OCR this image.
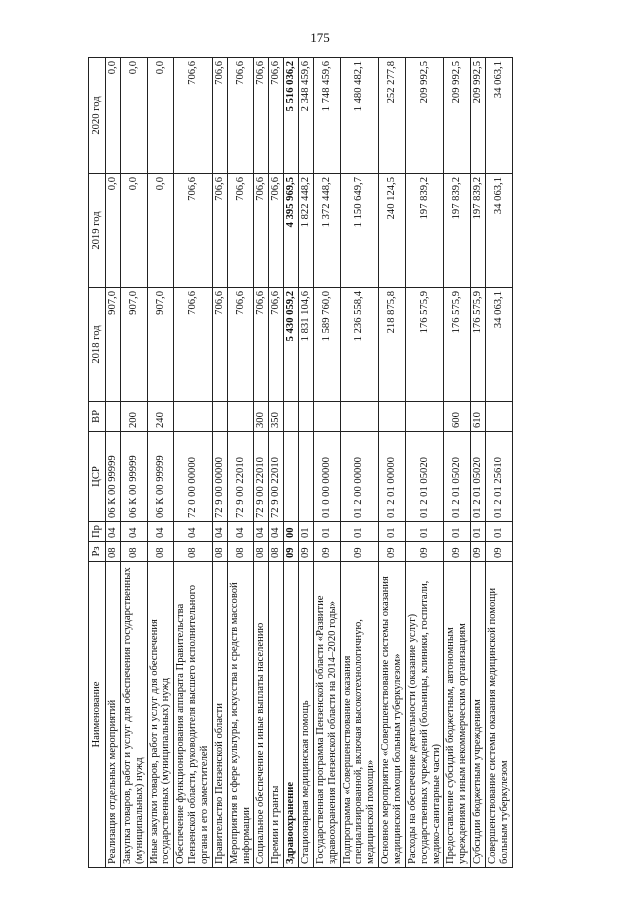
175
Наименование	Рз	Пр	ЦСР	ВР	2018 год	2019 год	2020 год
Реализация отдельных мероприятий	08	04	06 К 00 99999		907,0	0,0	0,0
Закупка товаров, работ и услуг для обеспечения государственных (муниципальных) нужд	08	04	06 К 00 99999	200	907,0	0,0	0,0
Иные закупки товаров, работ и услуг для обеспечения государственных (муниципальных) нужд	08	04	06 К 00 99999	240	907,0	0,0	0,0
Обеспечение функционирования аппарата Правительства Пензенской области, руководителя высшего исполнительного органа и его заместителей	08	04	72 0 00 00000		706,6	706,6	706,6
Правительство Пензенской области	08	04	72 9 00 00000		706,6	706,6	706,6
Мероприятия в сфере культуры, искусства и средств массовой информации	08	04	72 9 00 22010		706,6	706,6	706,6
Социальное обеспечение и иные выплаты населению	08	04	72 9 00 22010	300	706,6	706,6	706,6
Премии и гранты	08	04	72 9 00 22010	350	706,6	706,6	706,6
Здравоохранение	09	00			5 430 059,2	4 395 969,5	5 516 036,2
Стационарная медицинская помощь	09	01			1 831 104,6	1 822 448,2	2 348 459,6
Государственная программа Пензенской области «Развитие здравоохранения Пензенской области на 2014–2020 годы»	09	01	01 0 00 00000		1 589 760,0	1 372 448,2	1 748 459,6
Подпрограмма «Совершенствование оказания специализированной, включая высокотехнологичную, медицинской помощи»	09	01	01 2 00 00000		1 236 558,4	1 150 649,7	1 480 482,1
Основное мероприятие «Совершенствование системы оказания медицинской помощи больным туберкулезом»	09	01	01 2 01 00000		218 875,8	240 124,5	252 277,8
Расходы на обеспечение деятельности (оказание услуг) государственных учреждений (больницы, клиники, госпитали, медико-санитарные части)	09	01	01 2 01 05020		176 575,9	197 839,2	209 992,5
Предоставление субсидий бюджетным, автономным учреждениям и иным некоммерческим организациям	09	01	01 2 01 05020	600	176 575,9	197 839,2	209 992,5
Субсидии бюджетным учреждениям	09	01	01 2 01 05020	610	176 575,9	197 839,2	209 992,5
Совершенствование системы оказания медицинской помощи больным туберкулезом	09	01	01 2 01 25610		34 063,1	34 063,1	34 063,1
